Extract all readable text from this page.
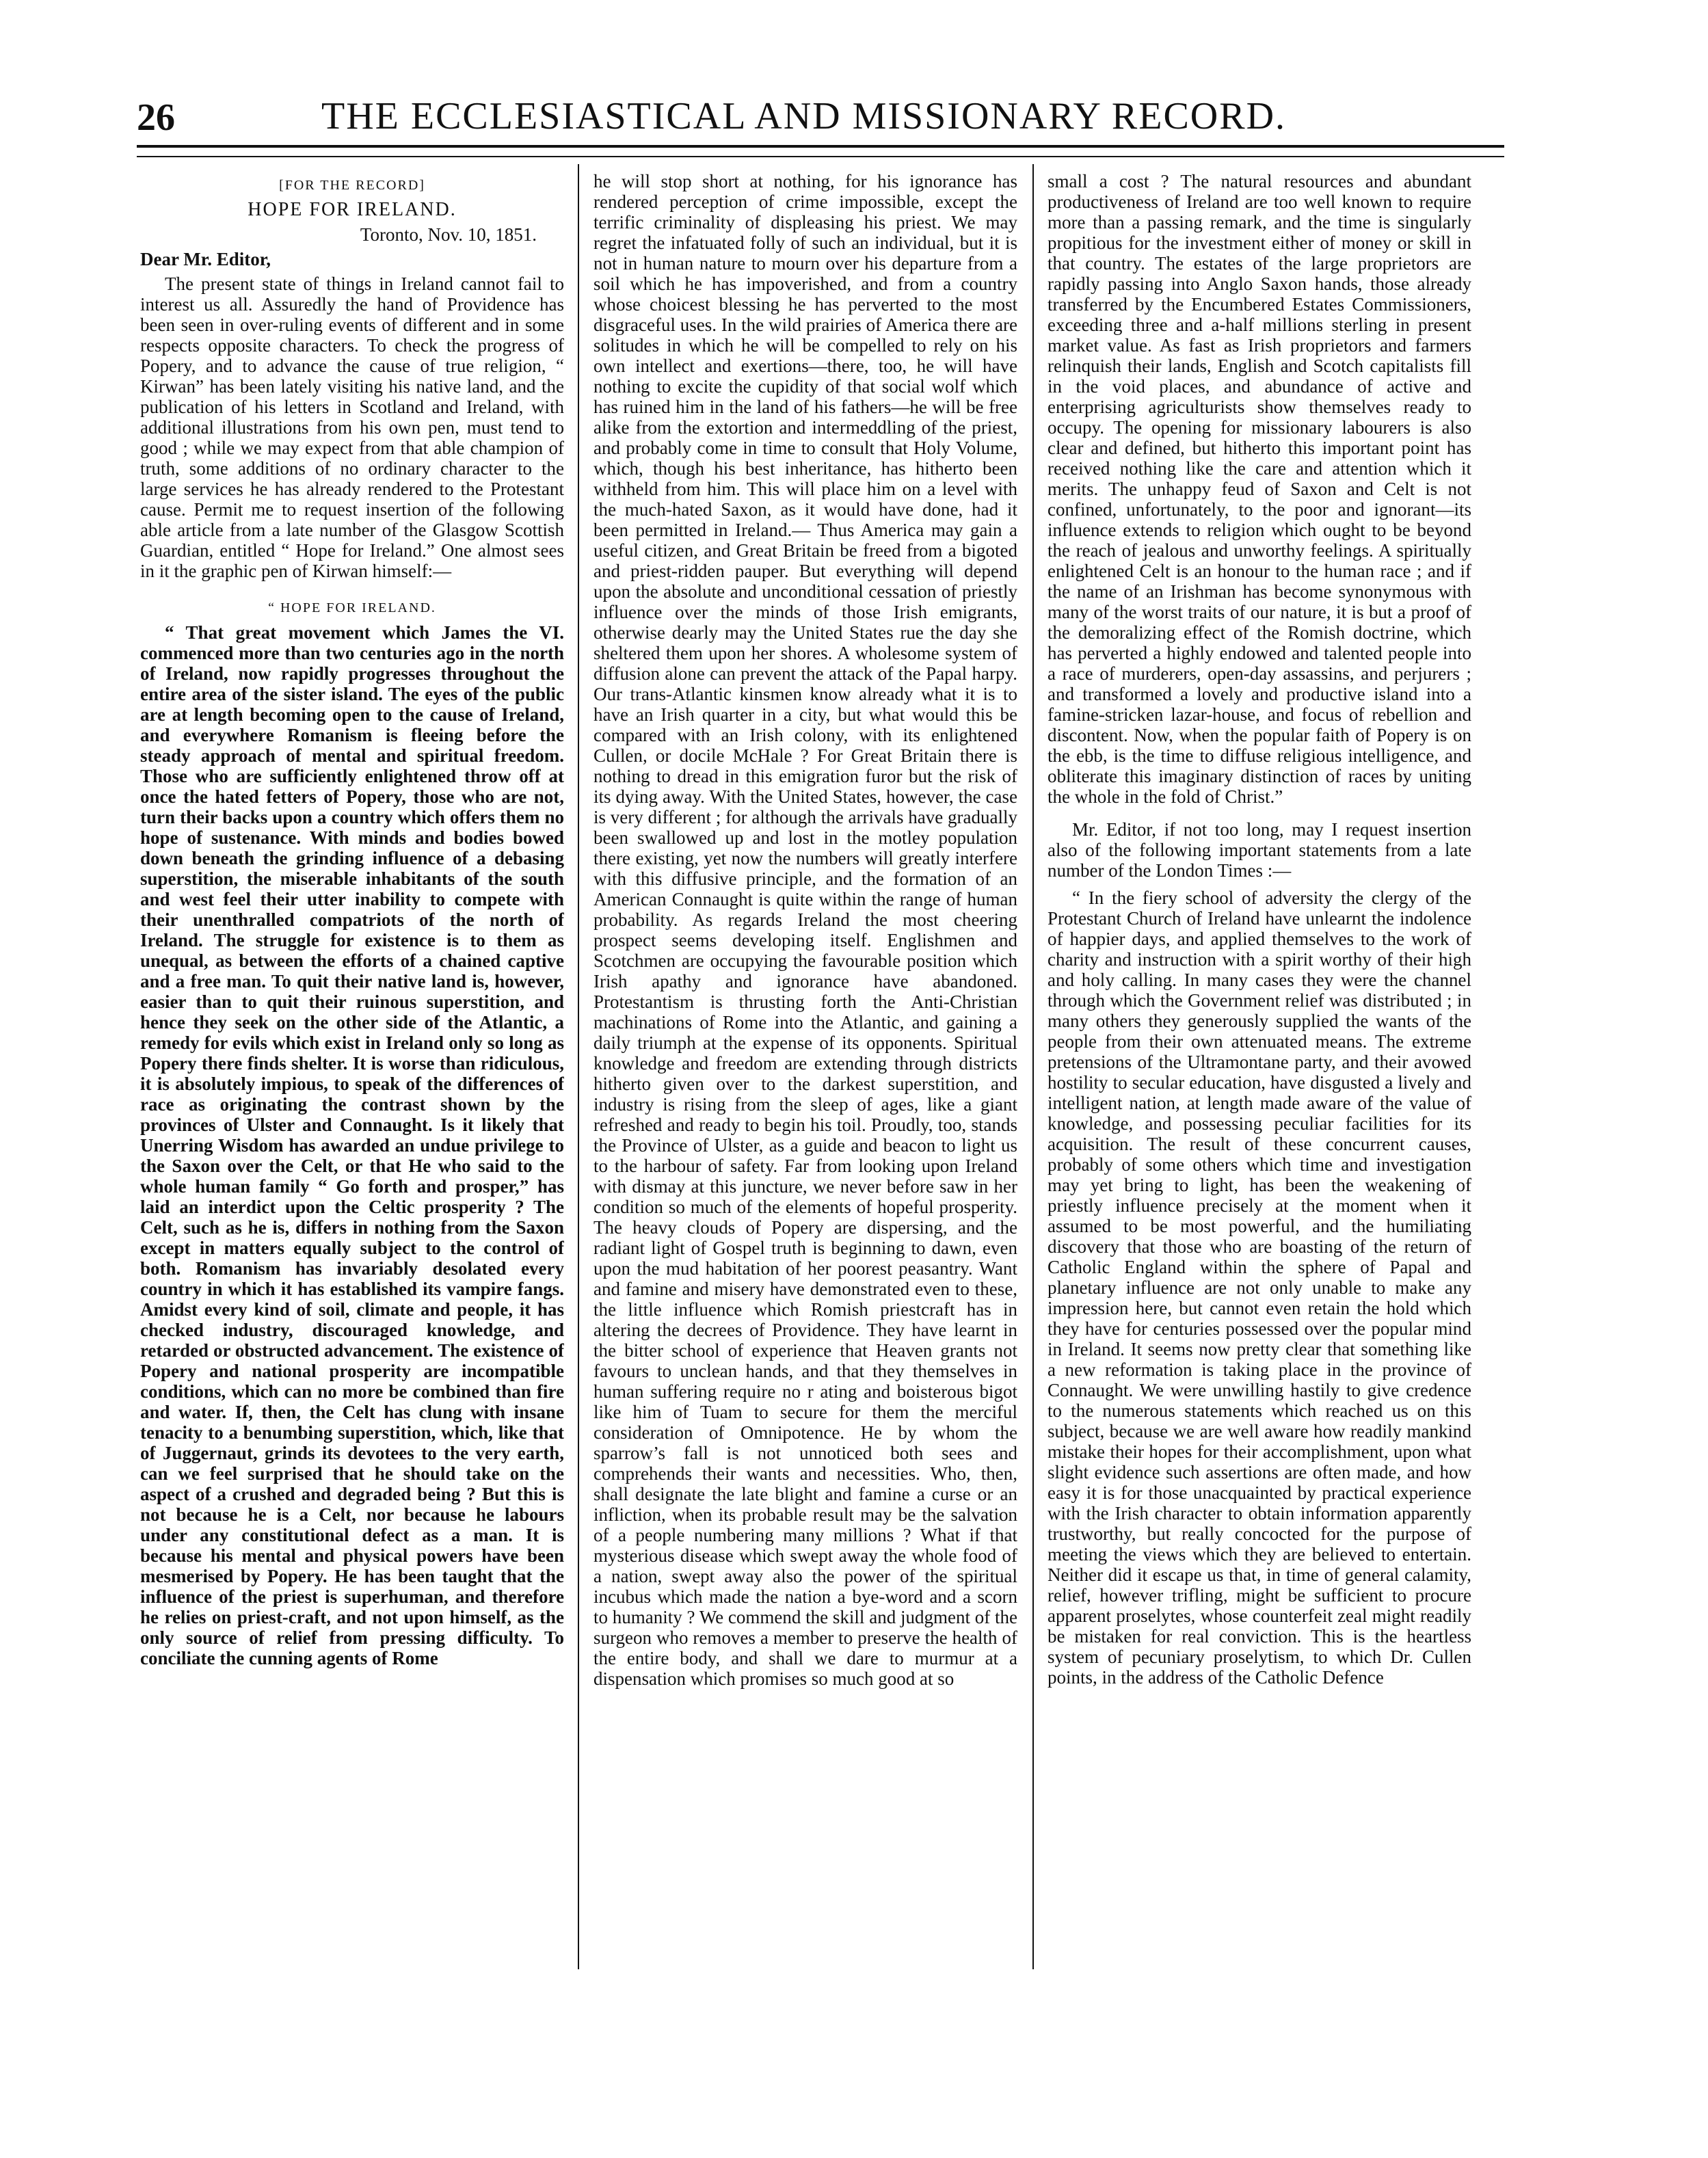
26	THE ECCLESIASTICAL AND MISSIONARY RECORD.
[FOR THE RECORD]
HOPE FOR IRELAND.
Toronto, Nov. 10, 1851.
Dear Mr. Editor,

The present state of things in Ireland cannot fail to interest us all. Assuredly the hand of Providence has been seen in over-ruling events of different and in some respects opposite characters. To check the progress of Popery, and to advance the cause of true religion, “ Kirwan” has been lately visiting his native land, and the publication of his letters in Scotland and Ireland, with additional illustrations from his own pen, must tend to good ; while we may expect from that able champion of truth, some additions of no ordinary character to the large services he has already rendered to the Protestant cause. Permit me to request insertion of the following able article from a late number of the Glasgow Scottish Guardian, entitled “ Hope for Ireland.” One almost sees in it the graphic pen of Kirwan himself:—

“ HOPE FOR IRELAND.

“ That great movement which James the VI. commenced more than two centuries ago in the north of Ireland, now rapidly progresses throughout the entire area of the sister island. The eyes of the public are at length becoming open to the cause of Ireland, and everywhere Romanism is fleeing before the steady approach of mental and spiritual freedom. Those who are sufficiently enlightened throw off at once the hated fetters of Popery, those who are not, turn their backs upon a country which offers them no hope of sustenance. With minds and bodies bowed down beneath the grinding influence of a debasing superstition, the miserable inhabitants of the south and west feel their utter inability to compete with their unenthralled compatriots of the north of Ireland. The struggle for existence is to them as unequal, as between the efforts of a chained captive and a free man. To quit their native land is, however, easier than to quit their ruinous superstition, and hence they seek on the other side of the Atlantic, a remedy for evils which exist in Ireland only so long as Popery there finds shelter. It is worse than ridiculous, it is absolutely impious, to speak of the differences of race as originating the contrast shown by the provinces of Ulster and Connaught. Is it likely that Unerring Wisdom has awarded an undue privilege to the Saxon over the Celt, or that He who said to the whole human family “ Go forth and prosper,” has laid an interdict upon the Celtic prosperity ? The Celt, such as he is, differs in nothing from the Saxon except in matters equally subject to the control of both. Romanism has invariably desolated every country in which it has established its vampire fangs. Amidst every kind of soil, climate and people, it has checked industry, discouraged knowledge, and retarded or obstructed advancement. The existence of Popery and national prosperity are incompatible conditions, which can no more be combined than fire and water. If, then, the Celt has clung with insane tenacity to a benumbing superstition, which, like that of Juggernaut, grinds its devotees to the very earth, can we feel surprised that he should take on the aspect of a crushed and degraded being ? But this is not because he is a Celt, nor because he labours under any constitutional defect as a man. It is because his mental and physical powers have been mesmerised by Popery. He has been taught that the influence of the priest is superhuman, and therefore he relies on priest-craft, and not upon himself, as the only source of relief from pressing difficulty. To conciliate the cunning agents of Rome

he will stop short at nothing, for his ignorance has rendered perception of crime impossible, except the terrific criminality of displeasing his priest. We may regret the infatuated folly of such an individual, but it is not in human nature to mourn over his departure from a soil which he has impoverished, and from a country whose choicest blessing he has perverted to the most disgraceful uses. In the wild prairies of America there are solitudes in which he will be compelled to rely on his own intellect and exertions—there, too, he will have nothing to excite the cupidity of that social wolf which has ruined him in the land of his fathers—he will be free alike from the extortion and intermeddling of the priest, and probably come in time to consult that Holy Volume, which, though his best inheritance, has hitherto been withheld from him. This will place him on a level with the much-hated Saxon, as it would have done, had it been permitted in Ireland.— Thus America may gain a useful citizen, and Great Britain be freed from a bigoted and priest-ridden pauper. But everything will depend upon the absolute and unconditional cessation of priestly influence over the minds of those Irish emigrants, otherwise dearly may the United States rue the day she sheltered them upon her shores. A wholesome system of diffusion alone can prevent the attack of the Papal harpy. Our trans-Atlantic kinsmen know already what it is to have an Irish quarter in a city, but what would this be compared with an Irish colony, with its enlightened Cullen, or docile McHale ? For Great Britain there is nothing to dread in this emigration furor but the risk of its dying away. With the United States, however, the case is very different ; for although the arrivals have gradually been swallowed up and lost in the motley population there existing, yet now the numbers will greatly interfere with this diffusive principle, and the formation of an American Connaught is quite within the range of human probability. As regards Ireland the most cheering prospect seems developing itself. Englishmen and Scotchmen are occupying the favourable position which Irish apathy and ignorance have abandoned. Protestantism is thrusting forth the Anti-Christian machinations of Rome into the Atlantic, and gaining a daily triumph at the expense of its opponents. Spiritual knowledge and freedom are extending through districts hitherto given over to the darkest superstition, and industry is rising from the sleep of ages, like a giant refreshed and ready to begin his toil. Proudly, too, stands the Province of Ulster, as a guide and beacon to light us to the harbour of safety. Far from looking upon Ireland with dismay at this juncture, we never before saw in her condition so much of the elements of hopeful prosperity. The heavy clouds of Popery are dispersing, and the radiant light of Gospel truth is beginning to dawn, even upon the mud habitation of her poorest peasantry. Want and famine and misery have demonstrated even to these, the little influence which Romish priestcraft has in altering the decrees of Providence. They have learnt in the bitter school of experience that Heaven grants not favours to unclean hands, and that they themselves in human suffering require no r ating and boisterous bigot like him of Tuam to secure for them the merciful consideration of Omnipotence. He by whom the sparrow’s fall is not unnoticed both sees and comprehends their wants and necessities. Who, then, shall designate the late blight and famine a curse or an infliction, when its probable result may be the salvation of a people numbering many millions ? What if that mysterious disease which swept away the whole food of a nation, swept away also the power of the spiritual incubus which made the nation a bye-word and a scorn to humanity ? We commend the skill and judgment of the surgeon who removes a member to preserve the health of the entire body, and shall we dare to murmur at a dispensation which promises so much good at so

small a cost ? The natural resources and abundant productiveness of Ireland are too well known to require more than a passing remark, and the time is singularly propitious for the investment either of money or skill in that country. The estates of the large proprietors are rapidly passing into Anglo Saxon hands, those already transferred by the Encumbered Estates Commissioners, exceeding three and a-half millions sterling in present market value. As fast as Irish proprietors and farmers relinquish their lands, English and Scotch capitalists fill in the void places, and abundance of active and enterprising agriculturists show themselves ready to occupy. The opening for missionary labourers is also clear and defined, but hitherto this important point has received nothing like the care and attention which it merits. The unhappy feud of Saxon and Celt is not confined, unfortunately, to the poor and ignorant—its influence extends to religion which ought to be beyond the reach of jealous and unworthy feelings. A spiritually enlightened Celt is an honour to the human race ; and if the name of an Irishman has become synonymous with many of the worst traits of our nature, it is but a proof of the demoralizing effect of the Romish doctrine, which has perverted a highly endowed and talented people into a race of murderers, open-day assassins, and perjurers ; and transformed a lovely and productive island into a famine-stricken lazar-house, and focus of rebellion and discontent. Now, when the popular faith of Popery is on the ebb, is the time to diffuse religious intelligence, and obliterate this imaginary distinction of races by uniting the whole in the fold of Christ.”

Mr. Editor, if not too long, may I request insertion also of the following important statements from a late number of the London Times :—

“ In the fiery school of adversity the clergy of the Protestant Church of Ireland have unlearnt the indolence of happier days, and applied themselves to the work of charity and instruction with a spirit worthy of their high and holy calling. In many cases they were the channel through which the Government relief was distributed ; in many others they generously supplied the wants of the people from their own attenuated means. The extreme pretensions of the Ultramontane party, and their avowed hostility to secular education, have disgusted a lively and intelligent nation, at length made aware of the value of knowledge, and possessing peculiar facilities for its acquisition. The result of these concurrent causes, probably of some others which time and investigation may yet bring to light, has been the weakening of priestly influence precisely at the moment when it assumed to be most powerful, and the humiliating discovery that those who are boasting of the return of Catholic England within the sphere of Papal and planetary influence are not only unable to make any impression here, but cannot even retain the hold which they have for centuries possessed over the popular mind in Ireland. It seems now pretty clear that something like a new reformation is taking place in the province of Connaught. We were unwilling hastily to give credence to the numerous statements which reached us on this subject, because we are well aware how readily mankind mistake their hopes for their accomplishment, upon what slight evidence such assertions are often made, and how easy it is for those unacquainted by practical experience with the Irish character to obtain information apparently trustworthy, but really concocted for the purpose of meeting the views which they are believed to entertain. Neither did it escape us that, in time of general calamity, relief, however trifling, might be sufficient to procure apparent proselytes, whose counterfeit zeal might readily be mistaken for real conviction. This is the heartless system of pecuniary proselytism, to which Dr. Cullen points, in the address of the Catholic Defence
